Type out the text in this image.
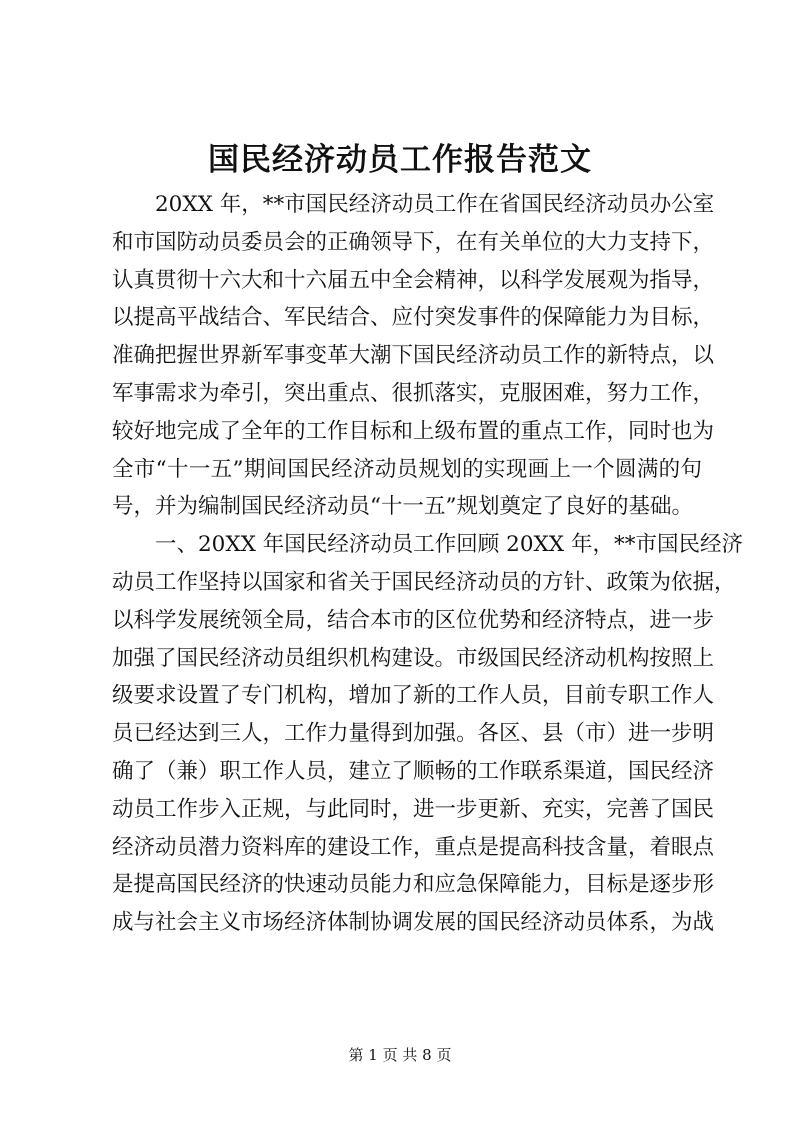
国民经济动员工作报告范文
20XX 年，**市国民经济动员工作在省国民经济动员办公室
和市国防动员委员会的正确领导下，在有关单位的大力支持下，
认真贯彻十六大和十六届五中全会精神，以科学发展观为指导，
以提高平战结合、军民结合、应付突发事件的保障能力为目标，
准确把握世界新军事变革大潮下国民经济动员工作的新特点，以
军事需求为牵引，突出重点、很抓落实，克服困难，努力工作，
较好地完成了全年的工作目标和上级布置的重点工作，同时也为
全市“十一五”期间国民经济动员规划的实现画上一个圆满的句
号，并为编制国民经济动员“十一五”规划奠定了良好的基础。
一、20XX 年国民经济动员工作回顾 20XX 年，**市国民经济
动员工作坚持以国家和省关于国民经济动员的方针、政策为依据，
以科学发展统领全局，结合本市的区位优势和经济特点，进一步
加强了国民经济动员组织机构建设。市级国民经济动机构按照上
级要求设置了专门机构，增加了新的工作人员，目前专职工作人
员已经达到三人，工作力量得到加强。各区、县（市）进一步明
确了（兼）职工作人员，建立了顺畅的工作联系渠道，国民经济
动员工作步入正规，与此同时，进一步更新、充实，完善了国民
经济动员潜力资料库的建设工作，重点是提高科技含量，着眼点
是提高国民经济的快速动员能力和应急保障能力，目标是逐步形
成与社会主义市场经济体制协调发展的国民经济动员体系，为战
第 1 页 共 8 页
